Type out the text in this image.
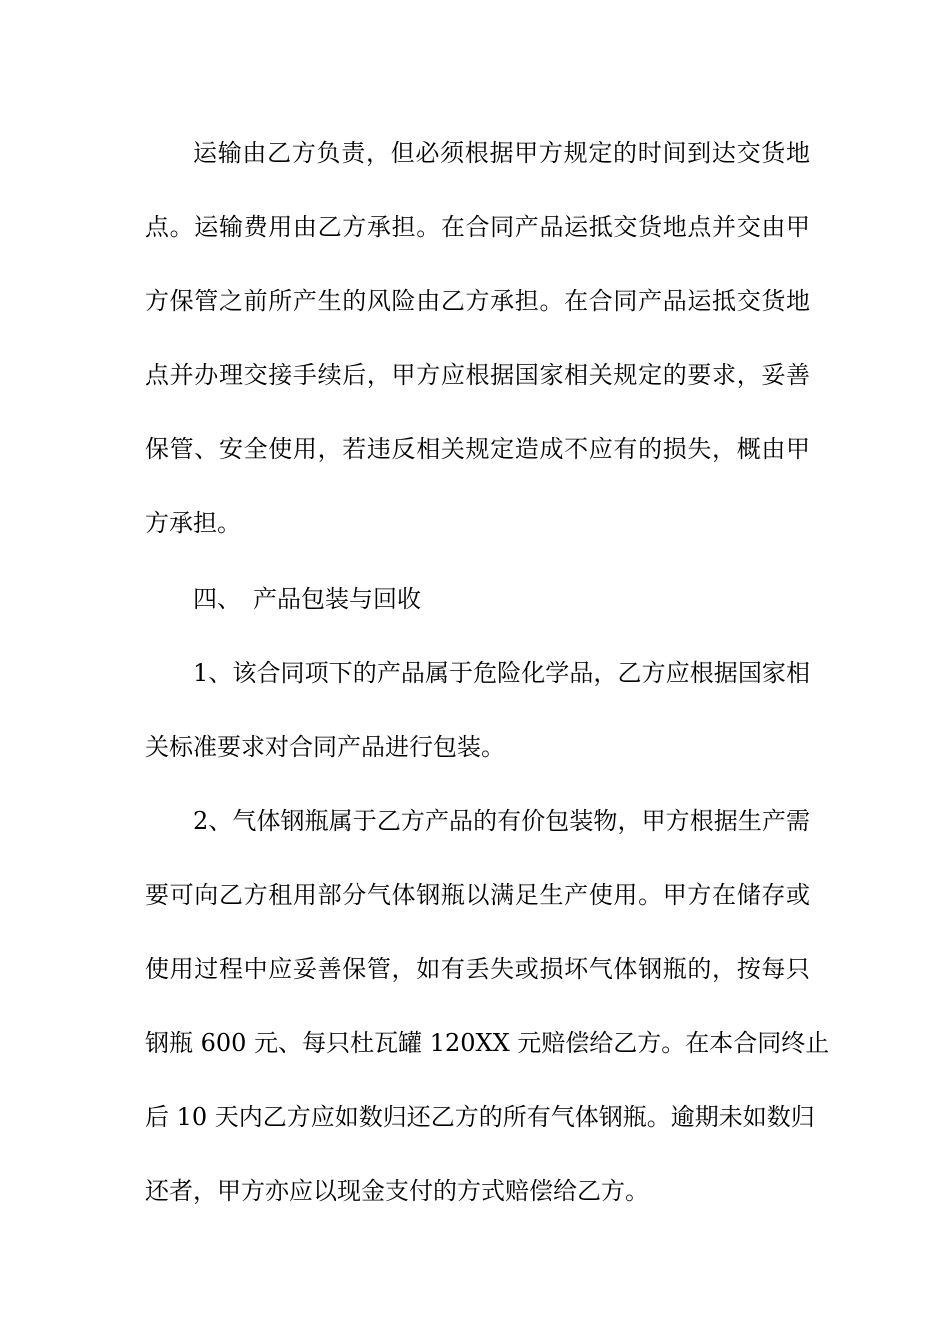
运输由乙方负责，但必须根据甲方规定的时间到达交货地
点。运输费用由乙方承担。在合同产品运抵交货地点并交由甲
方保管之前所产生的风险由乙方承担。在合同产品运抵交货地
点并办理交接手续后，甲方应根据国家相关规定的要求，妥善
保管、安全使用，若违反相关规定造成不应有的损失，概由甲
方承担。
四、　产品包装与回收
1、该合同项下的产品属于危险化学品，乙方应根据国家相
关标准要求对合同产品进行包装。
2、气体钢瓶属于乙方产品的有价包装物，甲方根据生产需
要可向乙方租用部分气体钢瓶以满足生产使用。甲方在储存或
使用过程中应妥善保管，如有丢失或损坏气体钢瓶的，按每只
钢瓶 600 元、每只杜瓦罐 120XX 元赔偿给乙方。在本合同终止
后 10 天内乙方应如数归还乙方的所有气体钢瓶。逾期未如数归
还者，甲方亦应以现金支付的方式赔偿给乙方。
